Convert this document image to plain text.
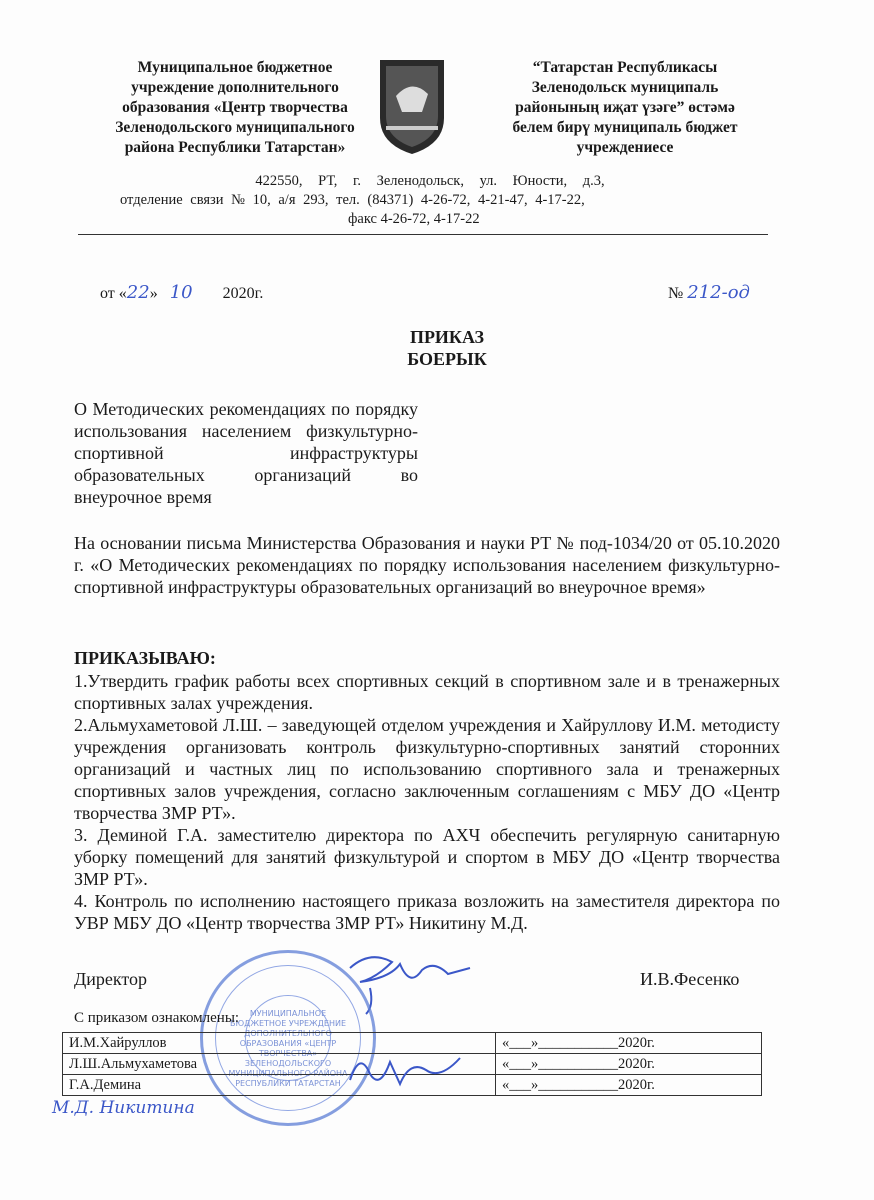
Муниципальное бюджетное
учреждение дополнительного
образования «Центр творчества
Зеленодольского муниципального
района Республики Татарстан»
“Татарстан Республикасы
Зеленодольск муниципаль
районының иҗат үзәге” өстәмә
белем бирү муниципаль бюджет
учреждениесе
422550, РТ, г. Зеленодольск, ул. Юности, д.3,
отделение связи № 10, а/я 293, тел. (84371) 4-26-72, 4-21-47, 4-17-22,
факс 4-26-72, 4-17-22
от «22» 10 2020г.	№ 212-од
ПРИКАЗ
БОЕРЫК
О Методических рекомендациях по порядку использования населением физкультурно-спортивной инфраструктуры образовательных организаций во внеурочное время
На основании письма Министерства Образования и науки РТ № под-1034/20 от 05.10.2020 г. «О Методических рекомендациях по порядку использования населением физкультурно-спортивной инфраструктуры образовательных организаций во внеурочное время»
ПРИКАЗЫВАЮ:
1.Утвердить график работы всех спортивных секций в спортивном зале и в тренажерных спортивных залах учреждения.
2.Альмухаметовой Л.Ш. – заведующей отделом учреждения и Хайруллову И.М. методисту учреждения организовать контроль физкультурно-спортивных занятий сторонних организаций и частных лиц по использованию спортивного зала и тренажерных спортивных залов учреждения, согласно заключенным соглашениям с МБУ ДО «Центр творчества ЗМР РТ».
3. Деминой Г.А. заместителю директора по АХЧ обеспечить регулярную санитарную уборку помещений для занятий физкультурой и спортом в МБУ ДО «Центр творчества ЗМР РТ».
4. Контроль по исполнению настоящего приказа возложить на заместителя директора по УВР МБУ ДО «Центр творчества ЗМР РТ» Никитину М.Д.
Директор	И.В.Фесенко
МУНИЦИПАЛЬНОЕ БЮДЖЕТНОЕ УЧРЕЖДЕНИЕ ДОПОЛНИТЕЛЬНОГО ОБРАЗОВАНИЯ «ЦЕНТР ТВОРЧЕСТВА» ЗЕЛЕНОДОЛЬСКОГО МУНИЦИПАЛЬНОГО РАЙОНА РЕСПУБЛИКИ ТАТАРСТАН
С приказом ознакомлены:
И.М.Хайруллов	«___»___________2020г.
Л.Ш.Альмухаметова	«___»___________2020г.
Г.А.Демина	«___»___________2020г.
М.Д. Никитина
